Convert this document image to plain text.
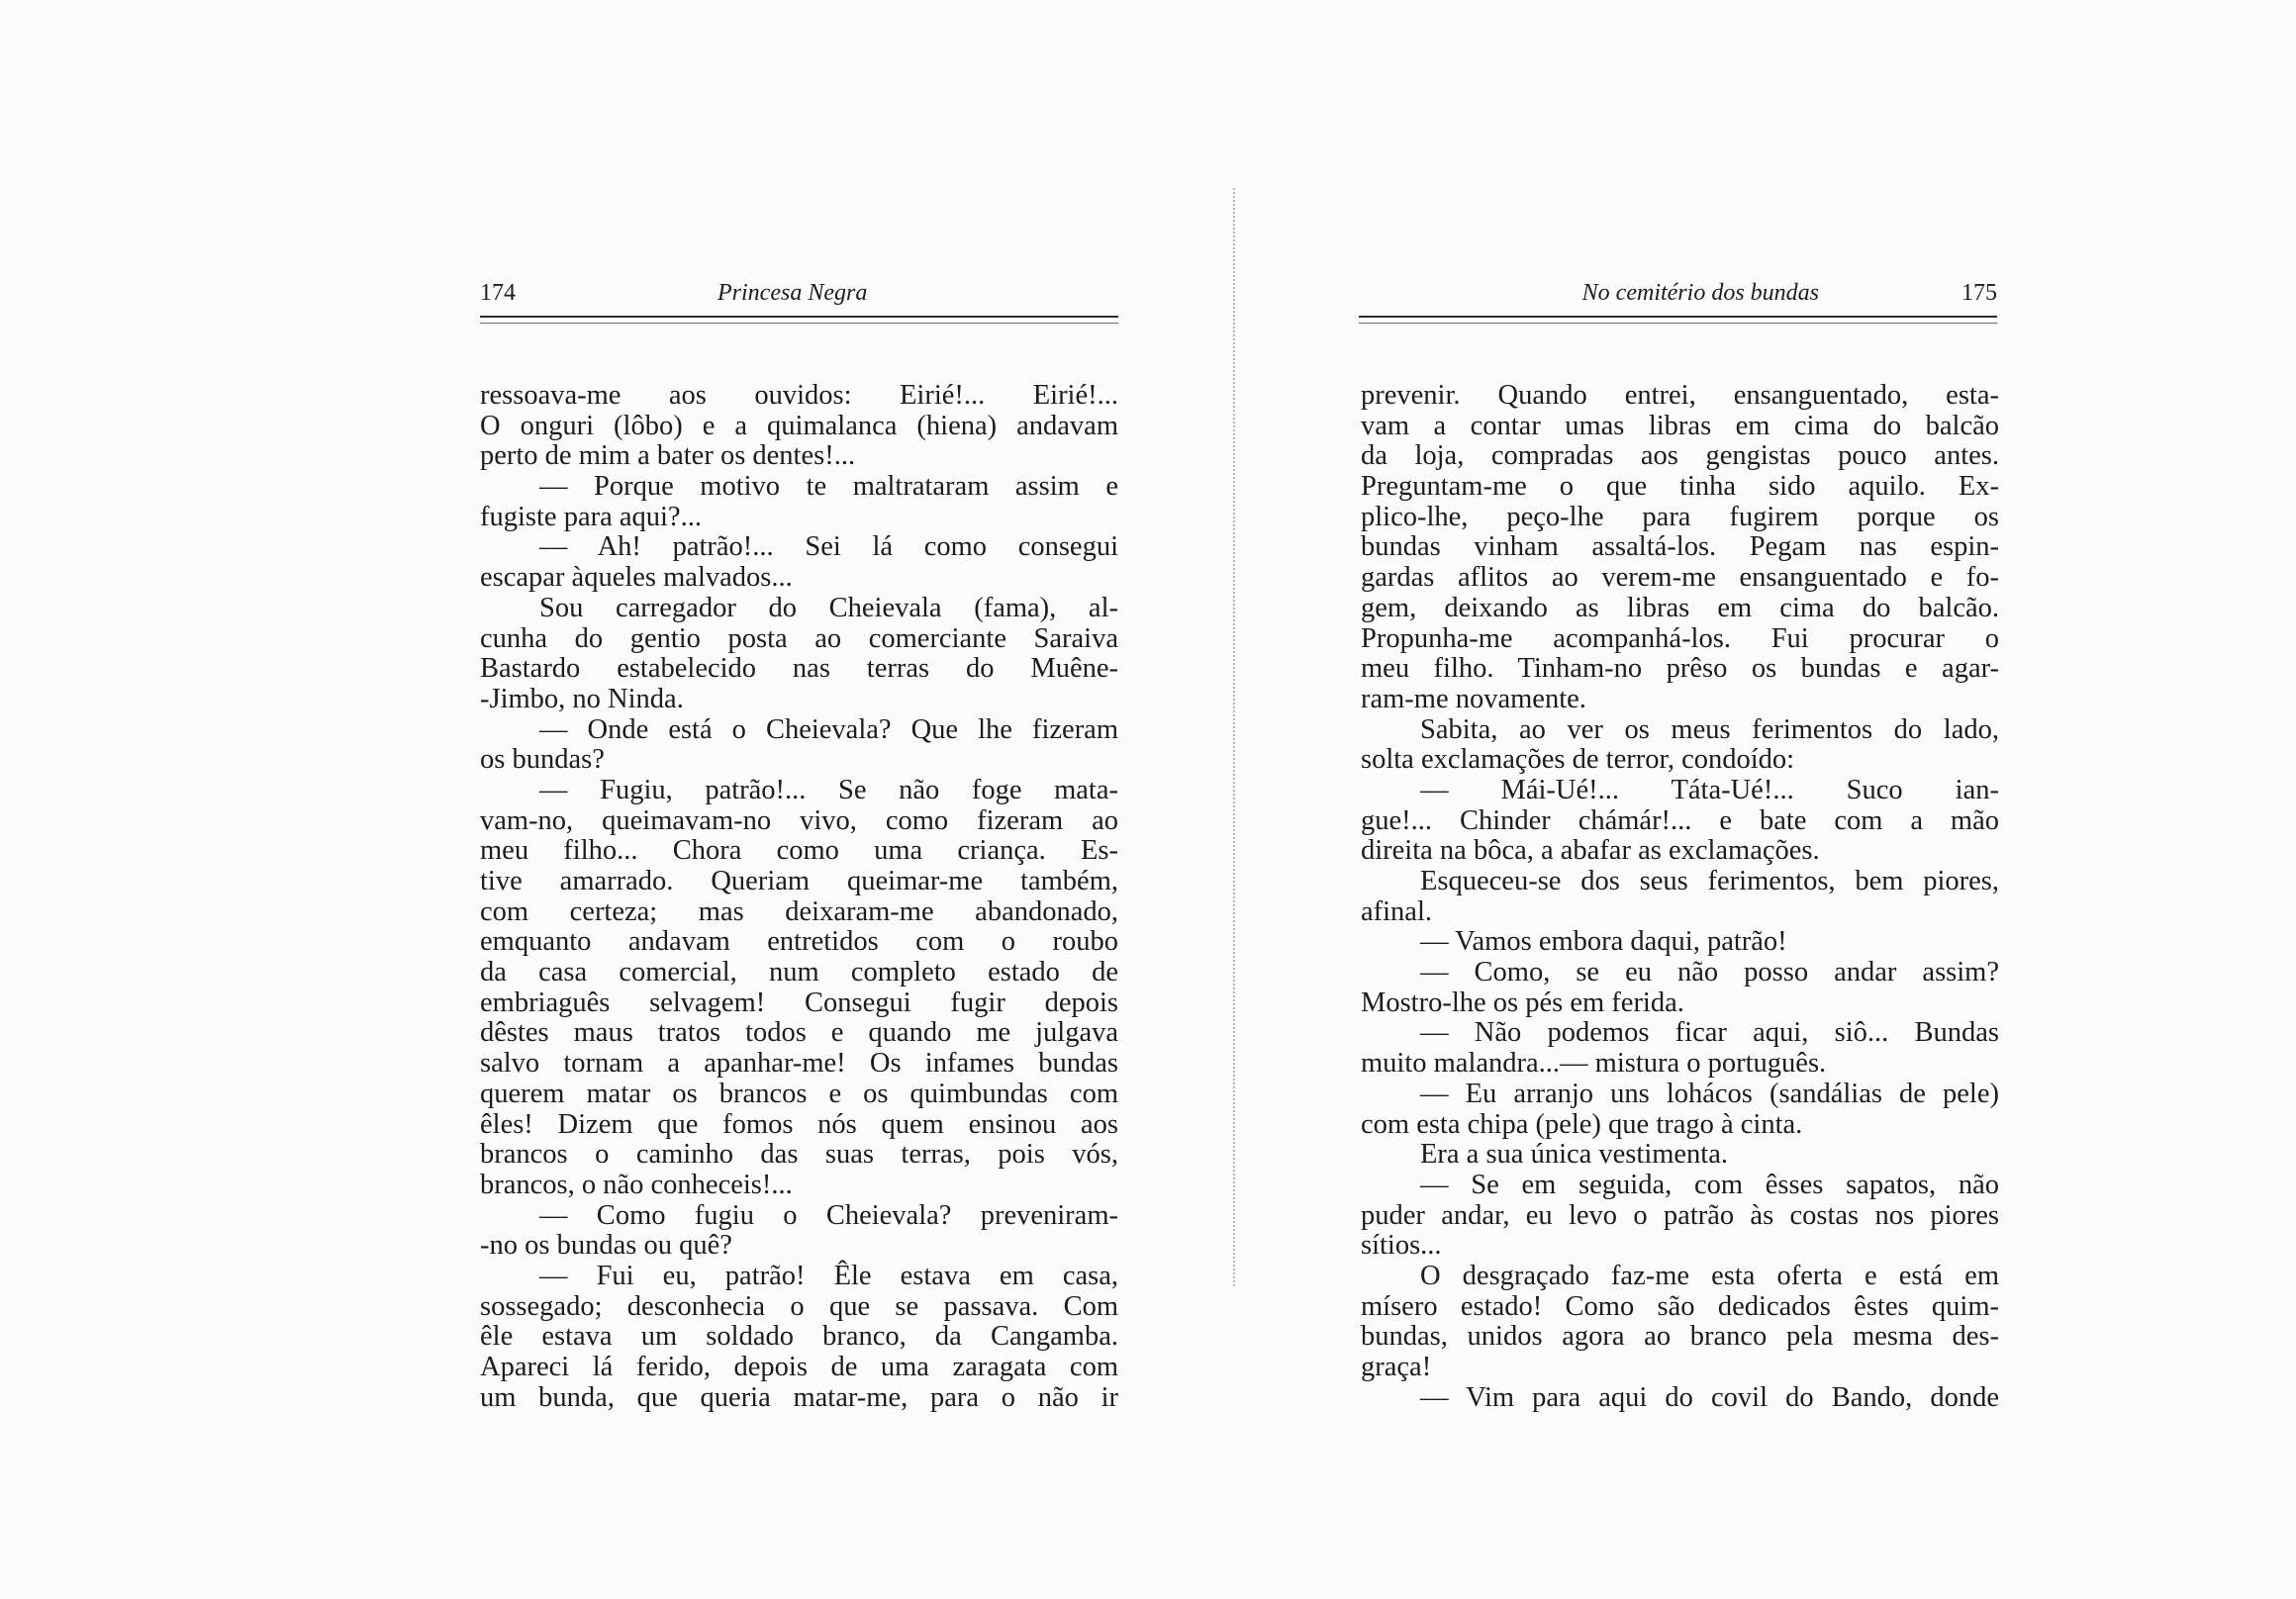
174	Princesa Negra
ressoava-me aos ouvidos: Eirié!... Eirié!...
O onguri (lôbo) e a quimalanca (hiena) andavam
perto de mim a bater os dentes!...
— Porque motivo te maltrataram assim e
fugiste para aqui?...
— Ah! patrão!... Sei lá como consegui
escapar àqueles malvados...
Sou carregador do Cheievala (fama), al-
cunha do gentio posta ao comerciante Saraiva
Bastardo estabelecido nas terras do Muêne-
-Jimbo, no Ninda.
— Onde está o Cheievala? Que lhe fizeram
os bundas?
— Fugiu, patrão!... Se não foge mata-
vam-no, queimavam-no vivo, como fizeram ao
meu filho... Chora como uma criança. Es-
tive amarrado. Queriam queimar-me também,
com certeza; mas deixaram-me abandonado,
emquanto andavam entretidos com o roubo
da casa comercial, num completo estado de
embriaguês selvagem! Consegui fugir depois
dêstes maus tratos todos e quando me julgava
salvo tornam a apanhar-me! Os infames bundas
querem matar os brancos e os quimbundas com
êles! Dizem que fomos nós quem ensinou aos
brancos o caminho das suas terras, pois vós,
brancos, o não conheceis!...
— Como fugiu o Cheievala? preveniram-
-no os bundas ou quê?
— Fui eu, patrão! Êle estava em casa,
sossegado; desconhecia o que se passava. Com
êle estava um soldado branco, da Cangamba.
Apareci lá ferido, depois de uma zaragata com
um bunda, que queria matar-me, para o não ir
No cemitério dos bundas	175
prevenir. Quando entrei, ensanguentado, esta-
vam a contar umas libras em cima do balcão
da loja, compradas aos gengistas pouco antes.
Preguntam-me o que tinha sido aquilo. Ex-
plico-lhe, peço-lhe para fugirem porque os
bundas vinham assaltá-los. Pegam nas espin-
gardas aflitos ao verem-me ensanguentado e fo-
gem, deixando as libras em cima do balcão.
Propunha-me acompanhá-los. Fui procurar o
meu filho. Tinham-no prêso os bundas e agar-
ram-me novamente.
Sabita, ao ver os meus ferimentos do lado,
solta exclamações de terror, condoído:
— Mái-Ué!... Táta-Ué!... Suco ian-
gue!... Chinder chámár!... e bate com a mão
direita na bôca, a abafar as exclamações.
Esqueceu-se dos seus ferimentos, bem piores,
afinal.
— Vamos embora daqui, patrão!
— Como, se eu não posso andar assim?
Mostro-lhe os pés em ferida.
— Não podemos ficar aqui, siô... Bundas
muito malandra...— mistura o português.
— Eu arranjo uns lohácos (sandálias de pele)
com esta chipa (pele) que trago à cinta.
Era a sua única vestimenta.
— Se em seguida, com êsses sapatos, não
puder andar, eu levo o patrão às costas nos piores
sítios...
O desgraçado faz-me esta oferta e está em
mísero estado! Como são dedicados êstes quim-
bundas, unidos agora ao branco pela mesma des-
graça!
— Vim para aqui do covil do Bando, donde
